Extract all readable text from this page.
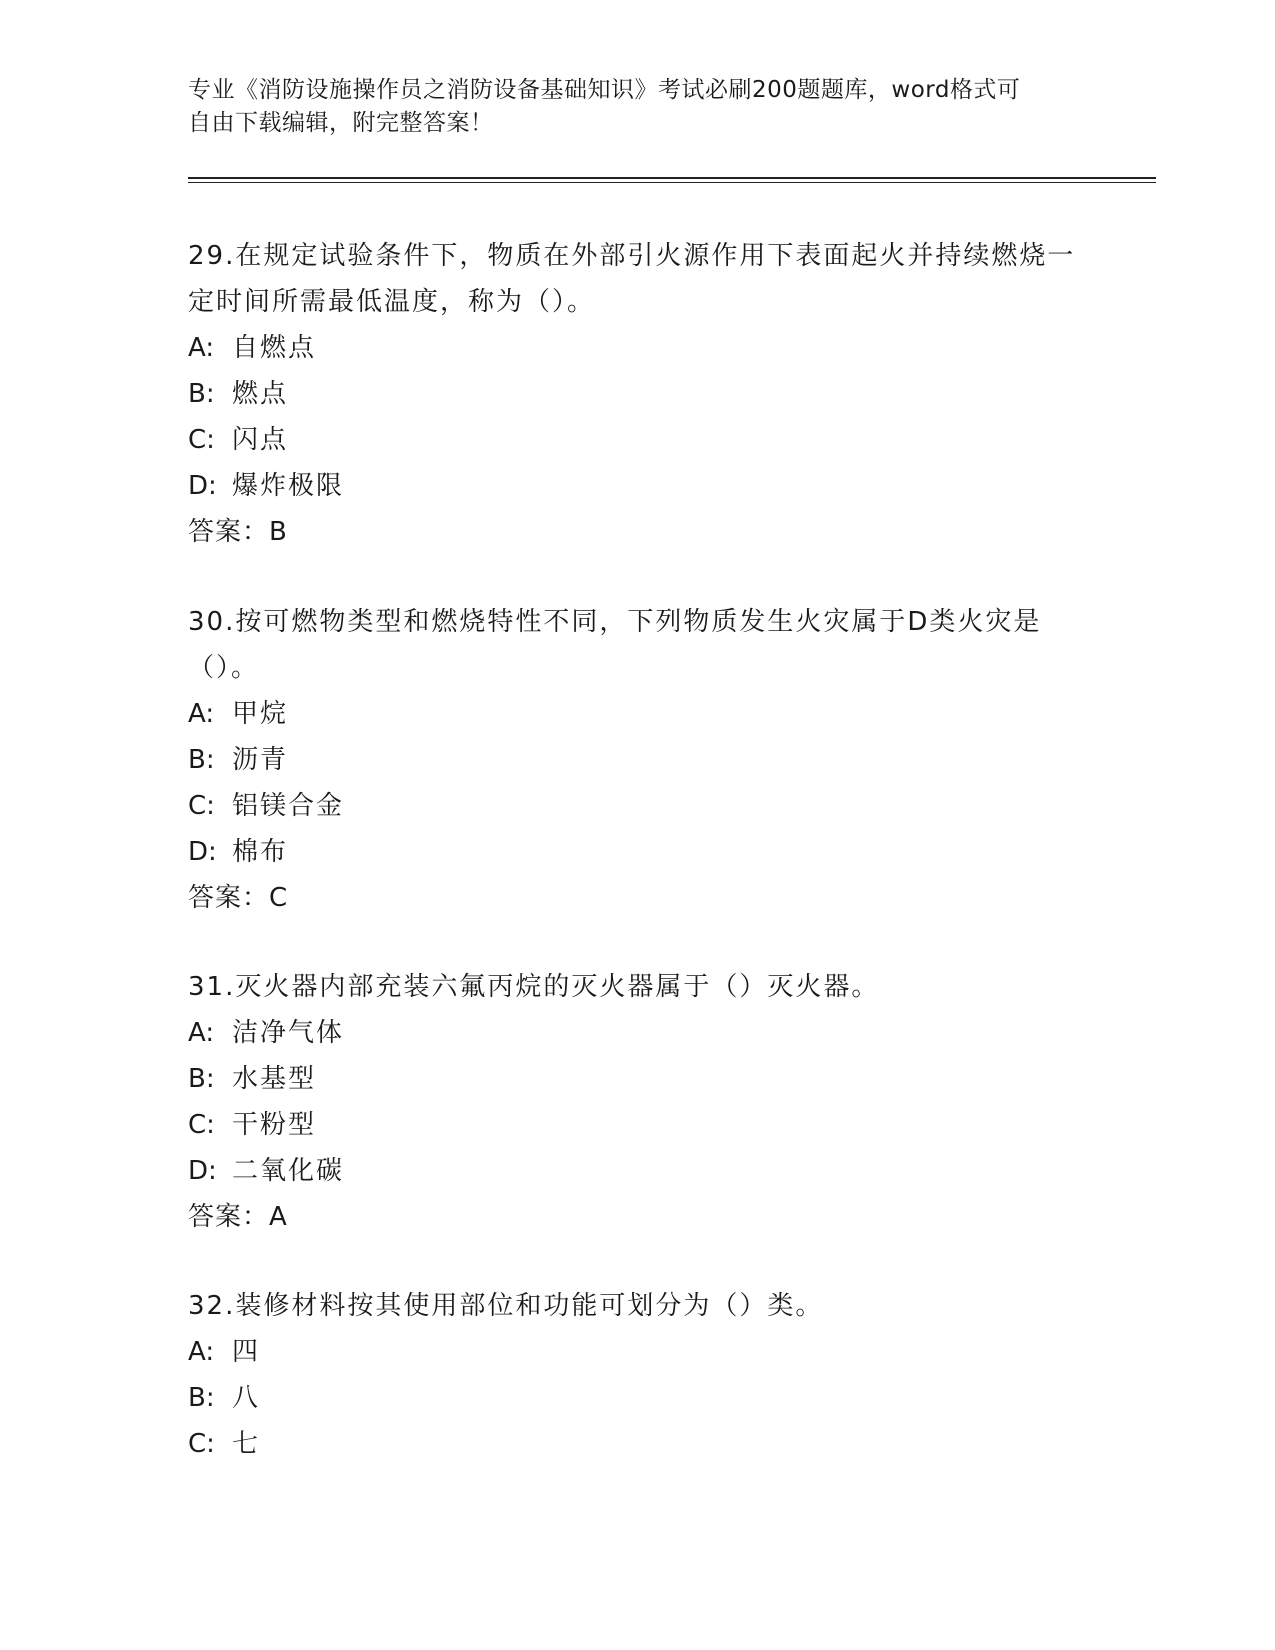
专业《消防设施操作员之消防设备基础知识》考试必刷200题题库，word格式可
自由下载编辑，附完整答案！
29.在规定试验条件下，物质在外部引火源作用下表面起火并持续燃烧一定时间所需最低温度，称为（）。
A: 自燃点
B: 燃点
C: 闪点
D: 爆炸极限
答案：B
30.按可燃物类型和燃烧特性不同，下列物质发生火灾属于D类火灾是（）。
A: 甲烷
B: 沥青
C: 铝镁合金
D: 棉布
答案：C
31.灭火器内部充装六氟丙烷的灭火器属于（）灭火器。
A: 洁净气体
B: 水基型
C: 干粉型
D: 二氧化碳
答案：A
32.装修材料按其使用部位和功能可划分为（）类。
A: 四
B: 八
C: 七
